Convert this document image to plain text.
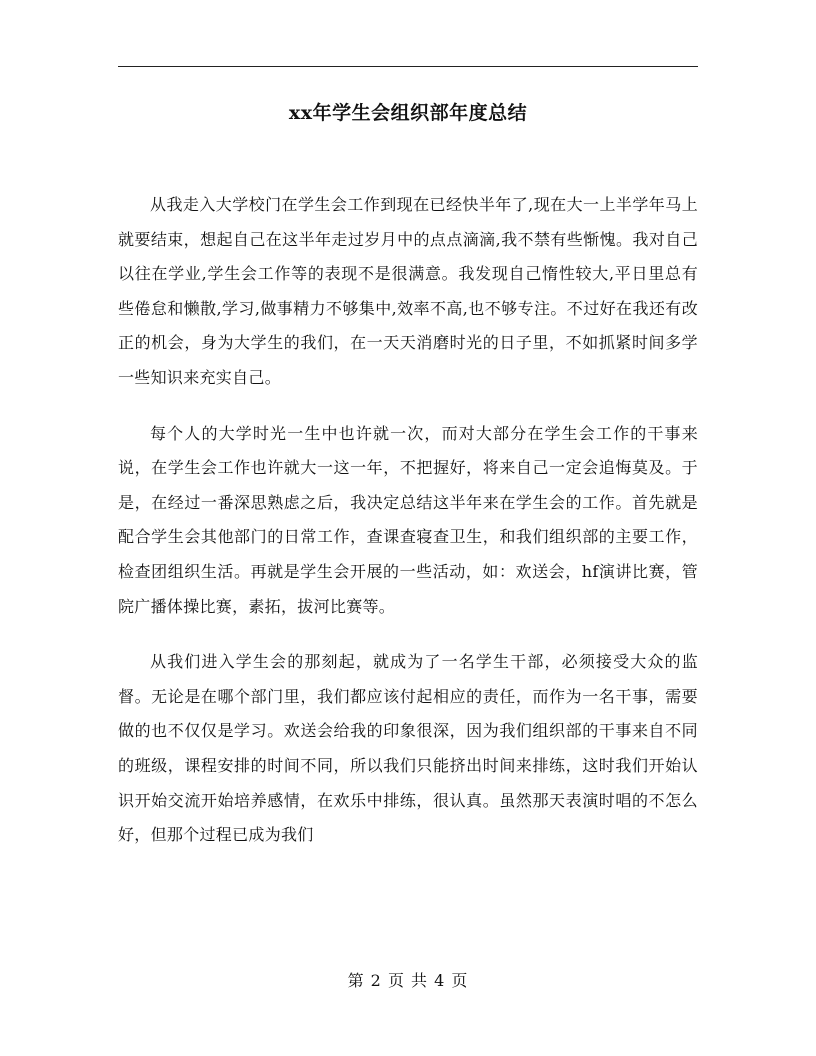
xx年学生会组织部年度总结

从我走入大学校门在学生会工作到现在已经快半年了,现在大一上半学年马上就要结束，想起自己在这半年走过岁月中的点点滴滴,我不禁有些惭愧。我对自己以往在学业,学生会工作等的表现不是很满意。我发现自己惰性较大,平日里总有些倦怠和懒散,学习,做事精力不够集中,效率不高,也不够专注。不过好在我还有改正的机会，身为大学生的我们，在一天天消磨时光的日子里，不如抓紧时间多学一些知识来充实自己。

每个人的大学时光一生中也许就一次，而对大部分在学生会工作的干事来说，在学生会工作也许就大一这一年，不把握好，将来自己一定会追悔莫及。于是，在经过一番深思熟虑之后，我决定总结这半年来在学生会的工作。首先就是配合学生会其他部门的日常工作，查课查寝查卫生，和我们组织部的主要工作，检查团组织生活。再就是学生会开展的一些活动，如：欢送会，hf演讲比赛，管院广播体操比赛，素拓，拔河比赛等。

从我们进入学生会的那刻起，就成为了一名学生干部，必须接受大众的监督。无论是在哪个部门里，我们都应该付起相应的责任，而作为一名干事，需要做的也不仅仅是学习。欢送会给我的印象很深，因为我们组织部的干事来自不同的班级，课程安排的时间不同，所以我们只能挤出时间来排练，这时我们开始认识开始交流开始培养感情，在欢乐中排练，很认真。虽然那天表演时唱的不怎么好，但那个过程已成为我们

第 2 页 共 4 页
